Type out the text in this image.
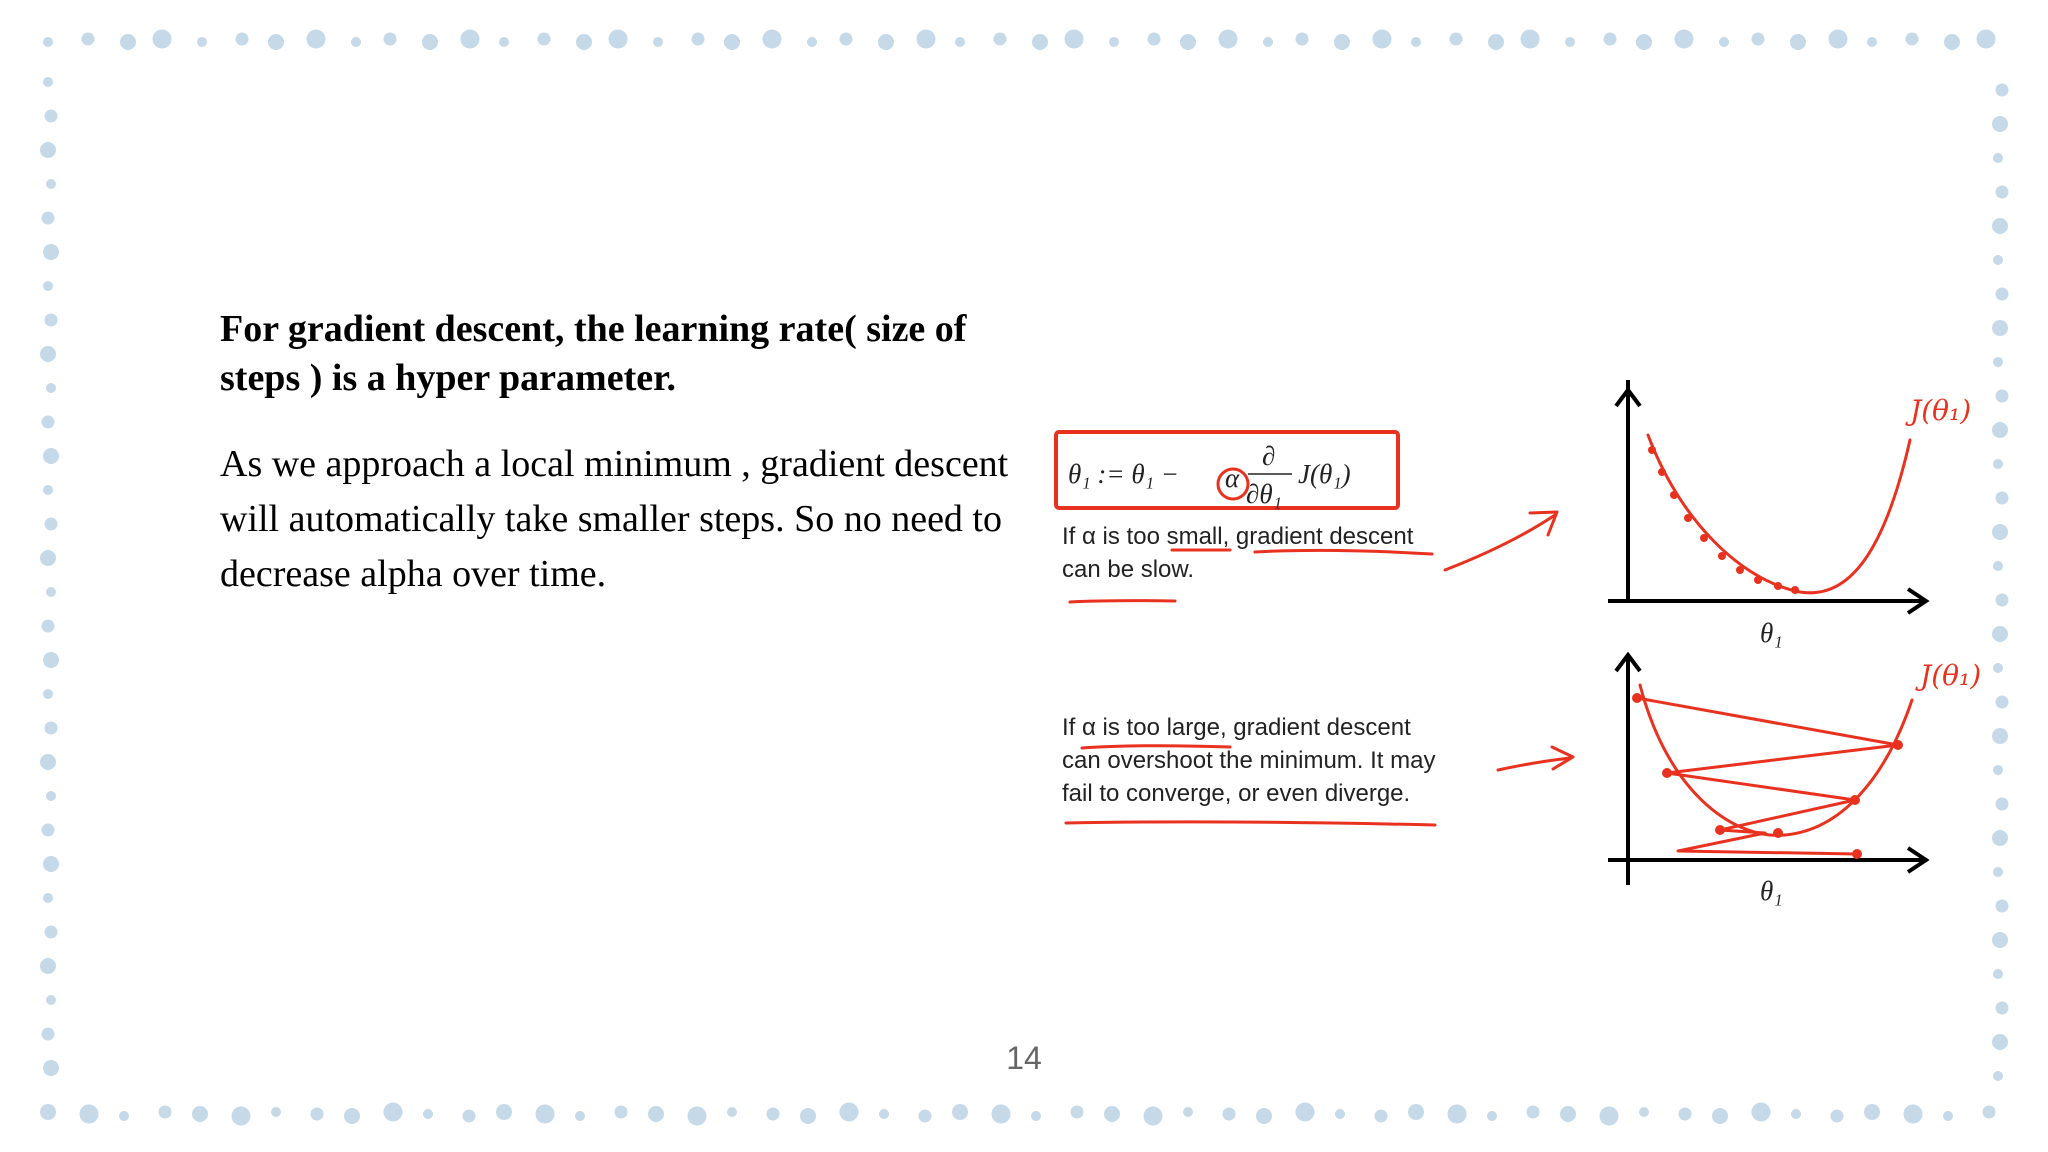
For gradient descent, the learning rate( size of steps ) is a hyper parameter.

As we approach a local minimum , gradient descent will automatically take smaller steps. So no need to decrease alpha over time.

θ₁ := θ₁ − α
∂
∂θ₁
J(θ₁)
If α is too small, gradient descent
can be slow.
If α is too large, gradient descent
can overshoot the minimum. It may
fail to converge, or even diverge.
J(θ₁)
θ₁
J(θ₁)
θ₁
14
